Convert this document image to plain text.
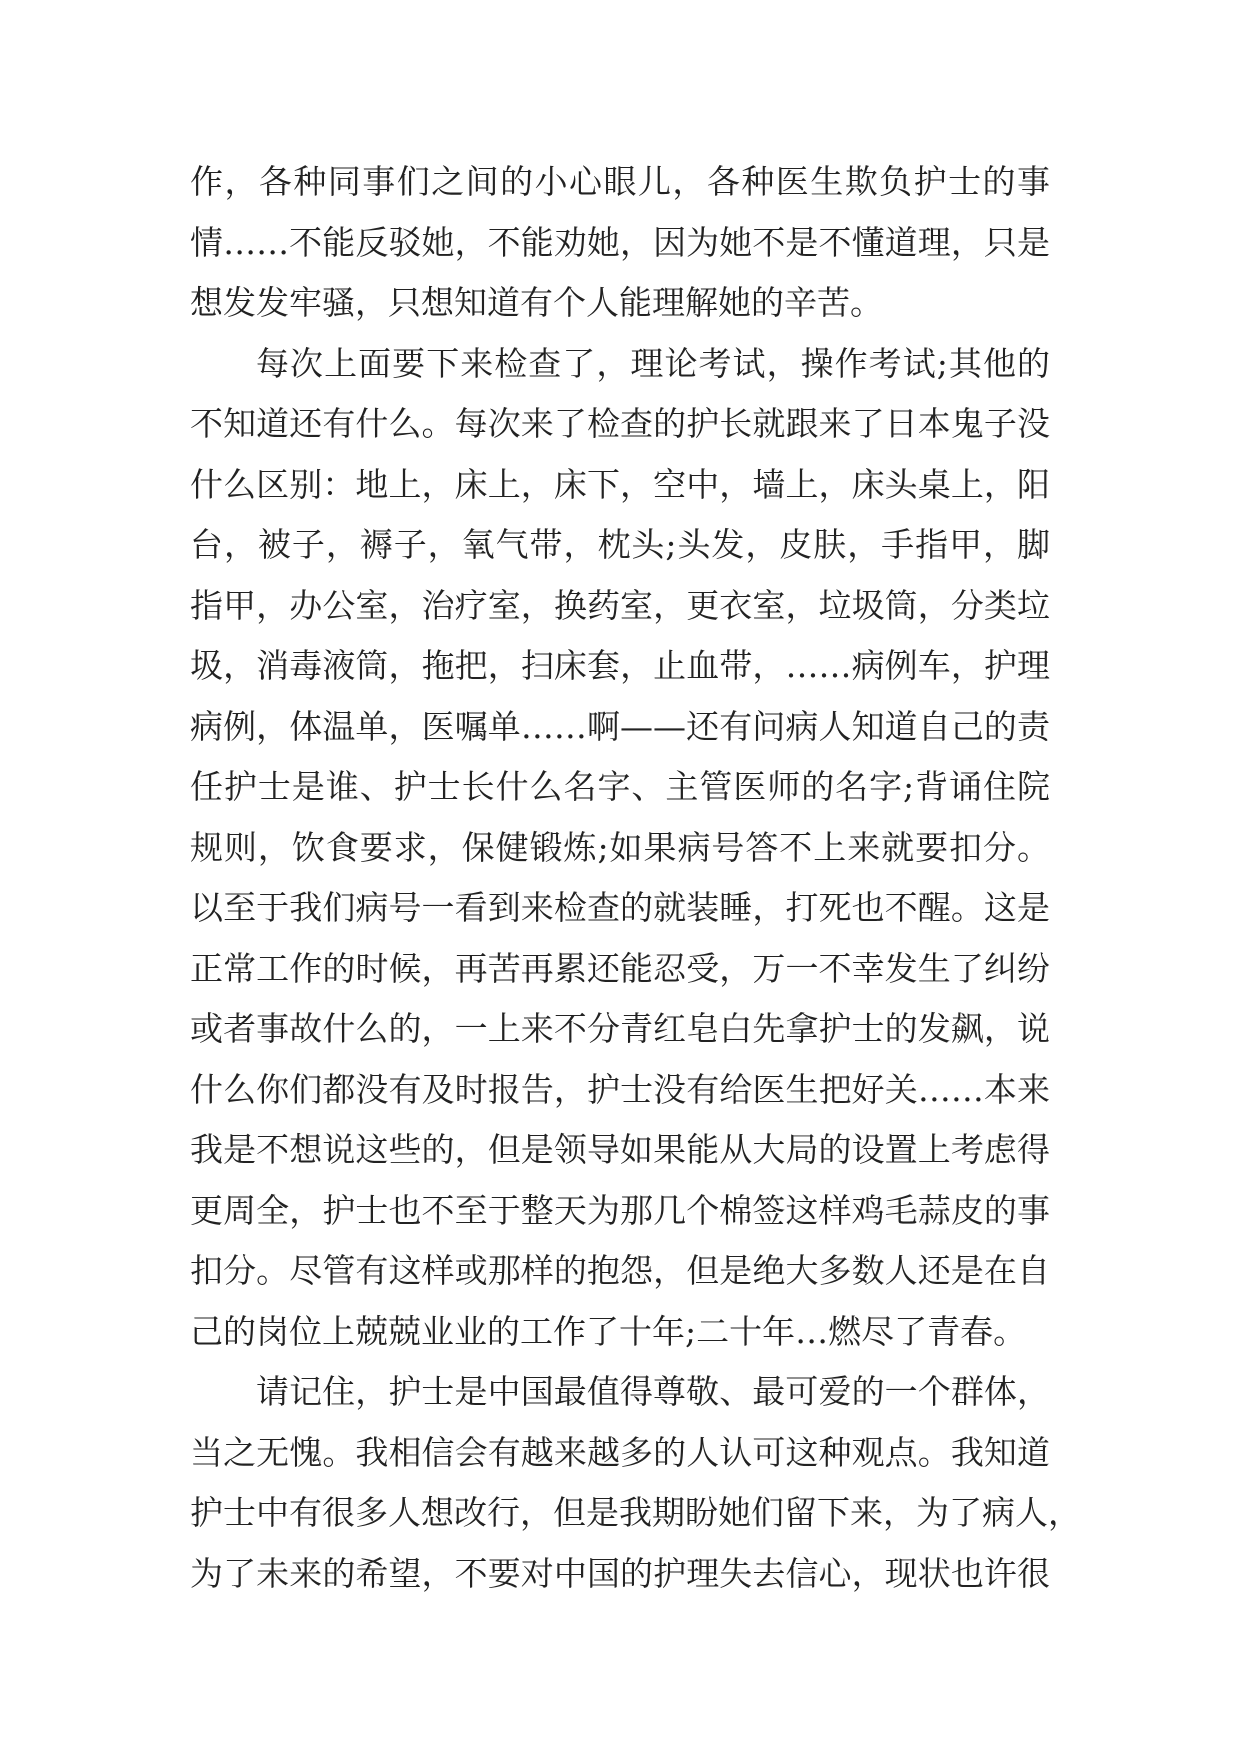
作，各种同事们之间的小心眼儿，各种医生欺负护士的事
情……不能反驳她，不能劝她，因为她不是不懂道理，只是
想发发牢骚，只想知道有个人能理解她的辛苦。
每次上面要下来检查了，理论考试，操作考试;其他的
不知道还有什么。每次来了检查的护长就跟来了日本鬼子没
什么区别：地上，床上，床下，空中，墙上，床头桌上，阳
台，被子，褥子，氧气带，枕头;头发，皮肤，手指甲，脚
指甲，办公室，治疗室，换药室，更衣室，垃圾筒，分类垃
圾，消毒液筒，拖把，扫床套，止血带，……病例车，护理
病例，体温单，医嘱单……啊——还有问病人知道自己的责
任护士是谁、护士长什么名字、主管医师的名字;背诵住院
规则，饮食要求，保健锻炼;如果病号答不上来就要扣分。
以至于我们病号一看到来检查的就装睡，打死也不醒。这是
正常工作的时候，再苦再累还能忍受，万一不幸发生了纠纷
或者事故什么的，一上来不分青红皂白先拿护士的发飙，说
什么你们都没有及时报告，护士没有给医生把好关……本来
我是不想说这些的，但是领导如果能从大局的设置上考虑得
更周全，护士也不至于整天为那几个棉签这样鸡毛蒜皮的事
扣分。尽管有这样或那样的抱怨，但是绝大多数人还是在自
己的岗位上兢兢业业的工作了十年;二十年…燃尽了青春。
请记住，护士是中国最值得尊敬、最可爱的一个群体，
当之无愧。我相信会有越来越多的人认可这种观点。我知道
护士中有很多人想改行，但是我期盼她们留下来，为了病人，
为了未来的希望，不要对中国的护理失去信心，现状也许很
